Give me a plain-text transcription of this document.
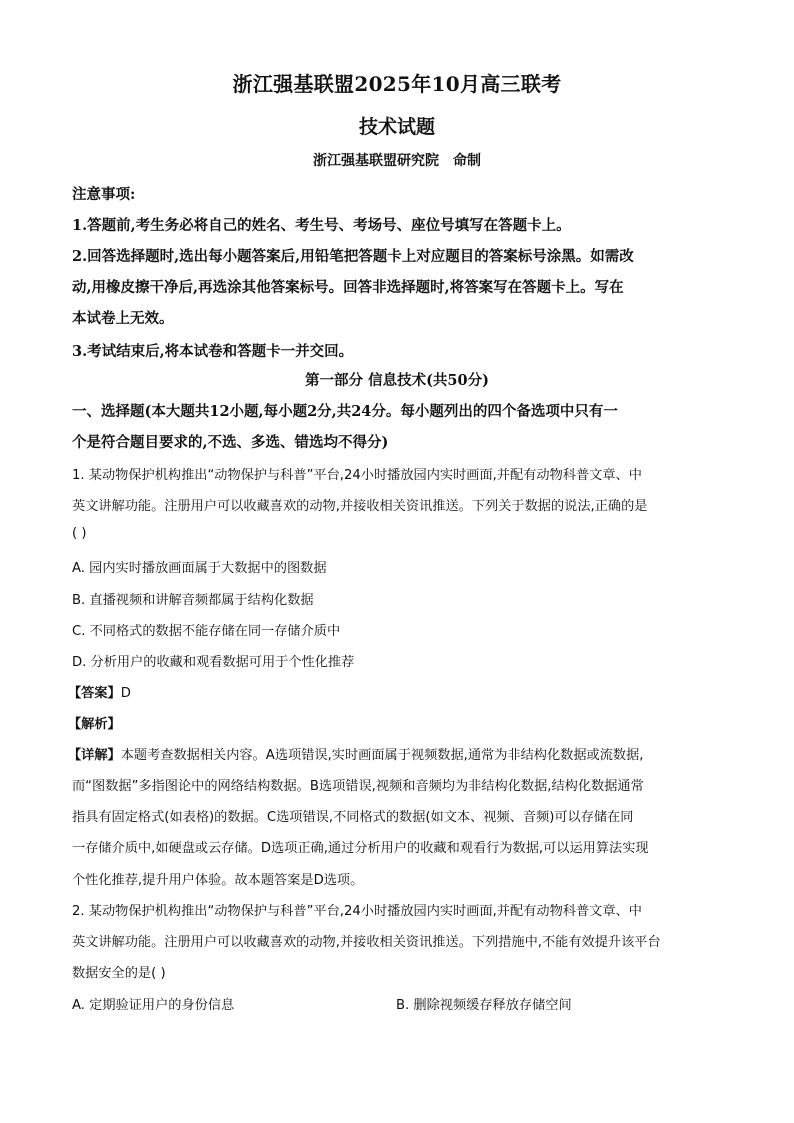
浙江强基联盟2025年10月高三联考
技术试题
浙江强基联盟研究院 命制
注意事项:
1.答题前,考生务必将自己的姓名、考生号、考场号、座位号填写在答题卡上。
2.回答选择题时,选出每小题答案后,用铅笔把答题卡上对应题目的答案标号涂黑。如需改
动,用橡皮擦干净后,再选涂其他答案标号。回答非选择题时,将答案写在答题卡上。写在
本试卷上无效。
3.考试结束后,将本试卷和答题卡一并交回。
第一部分 信息技术(共50分)
一、选择题(本大题共12小题,每小题2分,共24分。每小题列出的四个备选项中只有一
个是符合题目要求的,不选、多选、错选均不得分)
1. 某动物保护机构推出“动物保护与科普”平台,24小时播放园内实时画面,并配有动物科普文章、中
英文讲解功能。注册用户可以收藏喜欢的动物,并接收相关资讯推送。下列关于数据的说法,正确的是
( )
A. 园内实时播放画面属于大数据中的图数据
B. 直播视频和讲解音频都属于结构化数据
C. 不同格式的数据不能存储在同一存储介质中
D. 分析用户的收藏和观看数据可用于个性化推荐
【答案】D
【解析】
【详解】本题考查数据相关内容。A选项错误,实时画面属于视频数据,通常为非结构化数据或流数据,
而“图数据”多指图论中的网络结构数据。B选项错误,视频和音频均为非结构化数据,结构化数据通常
指具有固定格式(如表格)的数据。C选项错误,不同格式的数据(如文本、视频、音频)可以存储在同
一存储介质中,如硬盘或云存储。D选项正确,通过分析用户的收藏和观看行为数据,可以运用算法实现
个性化推荐,提升用户体验。故本题答案是D选项。
2. 某动物保护机构推出“动物保护与科普”平台,24小时播放园内实时画面,并配有动物科普文章、中
英文讲解功能。注册用户可以收藏喜欢的动物,并接收相关资讯推送。下列措施中,不能有效提升该平台
数据安全的是( )
A. 定期验证用户的身份信息	B. 删除视频缓存释放存储空间
